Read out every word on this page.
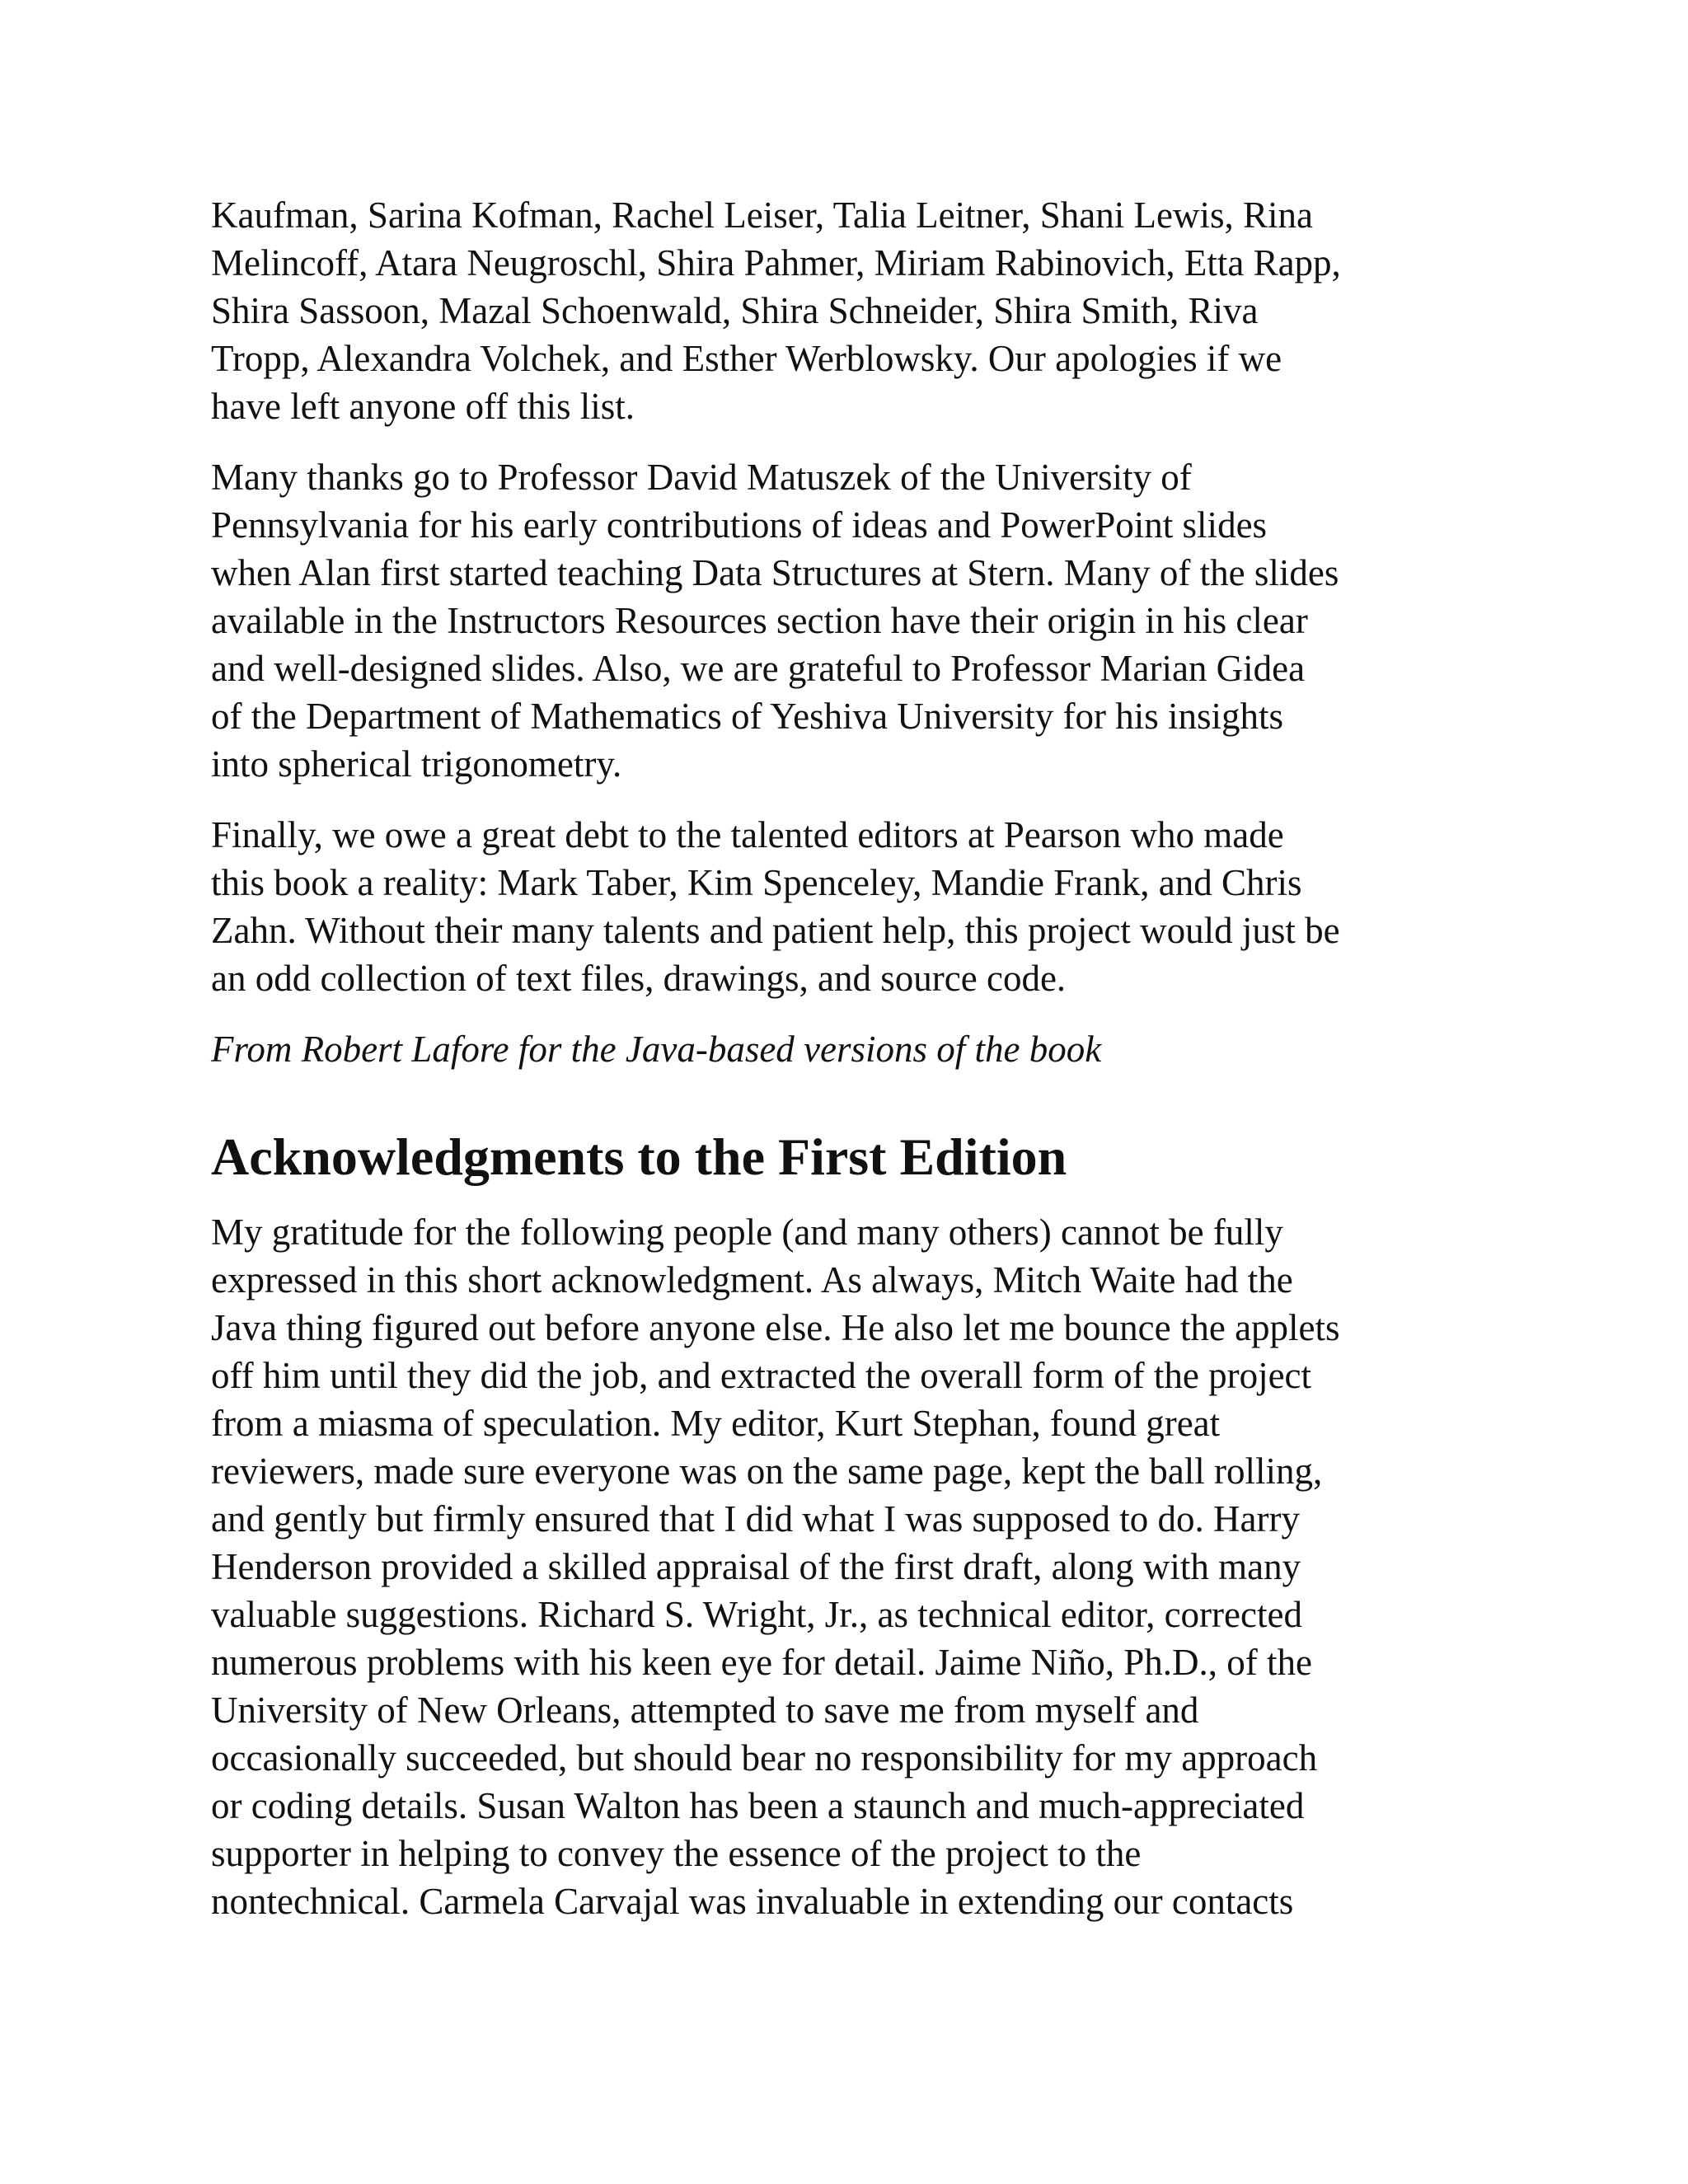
Kaufman, Sarina Kofman, Rachel Leiser, Talia Leitner, Shani Lewis, Rina
Melincoff, Atara Neugroschl, Shira Pahmer, Miriam Rabinovich, Etta Rapp,
Shira Sassoon, Mazal Schoenwald, Shira Schneider, Shira Smith, Riva
Tropp, Alexandra Volchek, and Esther Werblowsky. Our apologies if we
have left anyone off this list.

Many thanks go to Professor David Matuszek of the University of
Pennsylvania for his early contributions of ideas and PowerPoint slides
when Alan first started teaching Data Structures at Stern. Many of the slides
available in the Instructors Resources section have their origin in his clear
and well-designed slides. Also, we are grateful to Professor Marian Gidea
of the Department of Mathematics of Yeshiva University for his insights
into spherical trigonometry.

Finally, we owe a great debt to the talented editors at Pearson who made
this book a reality: Mark Taber, Kim Spenceley, Mandie Frank, and Chris
Zahn. Without their many talents and patient help, this project would just be
an odd collection of text files, drawings, and source code.

From Robert Lafore for the Java-based versions of the book

Acknowledgments to the First Edition

My gratitude for the following people (and many others) cannot be fully
expressed in this short acknowledgment. As always, Mitch Waite had the
Java thing figured out before anyone else. He also let me bounce the applets
off him until they did the job, and extracted the overall form of the project
from a miasma of speculation. My editor, Kurt Stephan, found great
reviewers, made sure everyone was on the same page, kept the ball rolling,
and gently but firmly ensured that I did what I was supposed to do. Harry
Henderson provided a skilled appraisal of the first draft, along with many
valuable suggestions. Richard S. Wright, Jr., as technical editor, corrected
numerous problems with his keen eye for detail. Jaime Niño, Ph.D., of the
University of New Orleans, attempted to save me from myself and
occasionally succeeded, but should bear no responsibility for my approach
or coding details. Susan Walton has been a staunch and much-appreciated
supporter in helping to convey the essence of the project to the
nontechnical. Carmela Carvajal was invaluable in extending our contacts
